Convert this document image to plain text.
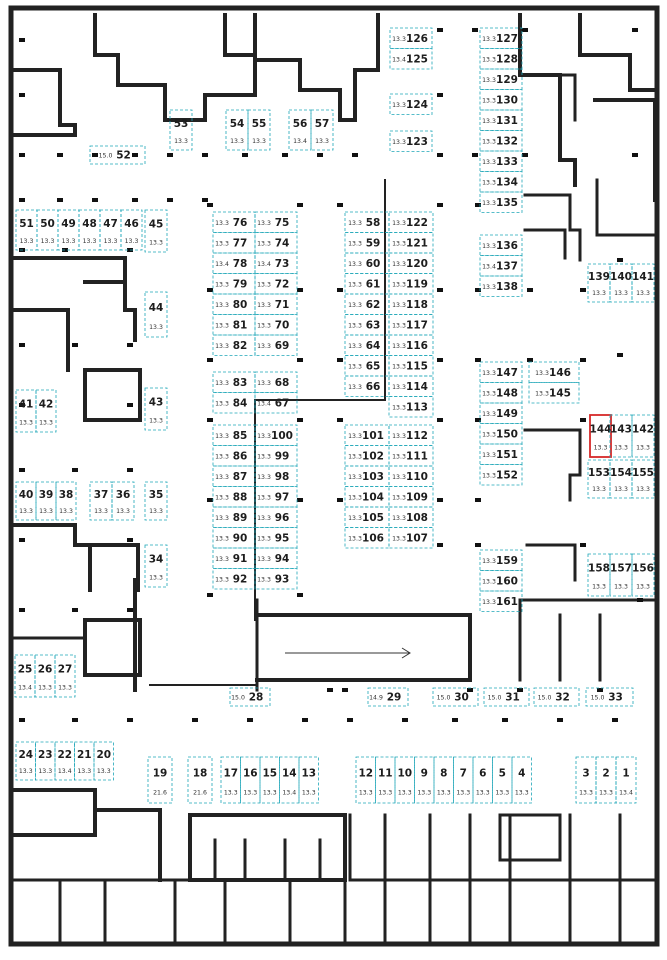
24
13.3
23
13.3
22
13.4
21
13.3
20
13.3	19
21.6
18
21.6
17
13.3
16
13.3
15
13.3
14
13.4
13
13.3
12
13.3
11
13.3
10
13.3
9
13.3
8
13.3
7
13.3
6
13.3
5
13.3
4
13.3
3
13.3
2
13.3
1
13.4
25
13.4
26
13.3
27
13.3
28
15.0	29
14.9	30
15.0	31
15.0	32
15.0	33
15.0
34
13.3
35
13.3
40
13.3
39
13.3
38
13.3
37
13.3
36
13.3
41
13.3
42
13.3
43
13.3
44
13.3
51
13.3
50
13.3
49
13.3
48
13.3
47
13.3
46
13.3
45
13.3
52
15.0
53
13.3
54
13.3
55
13.3
56
13.4
57
13.3
76
13.3
77
13.3
78
13.4
79
13.3
80
13.3
81
13.3
82
13.3
75
13.3
74
13.3
73
13.4
72
13.3
71
13.3
70
13.3
69
13.3
83
13.3
84
13.3
68
13.3
67
13.4
85
13.3
86
13.3
87
13.3
88
13.3
89
13.3
90
13.3
91
13.3
92
13.3
100
13.3
99
13.3
98
13.3
97
13.3
96
13.3
95
13.3
94
13.3
93
13.3
58
13.3
59
13.3
60
13.3
61
13.3
62
13.3
63
13.3
64
13.3
65
13.3
66
13.3
122
13.3
121
13.3
120
13.3
119
13.3
118
13.3
117
13.3
116
13.3
115
13.3
114
13.3
113
13.3
101
13.3
102
13.3
103
13.3
104
13.3
105
13.3
106
13.3
112
13.3
111
13.3
110
13.3
109
13.3
108
13.3
107
13.3
126
13.3
125
13.4
124
13.3
123
13.3
127
13.3
128
13.3
129
13.3
130
13.3
131
13.3
132
13.3
133
13.3
134
13.3
135
13.3
136
13.3
137
13.4
138
13.3
139
13.3
140
13.3
141
13.3
147
13.3
148
13.3
149
13.3
150
13.3
151
13.3
152
13.3
146
13.3
145
13.3
144
13.3
143
13.3
142
13.3
153
13.3
154
13.3
155
13.3
159
13.3
160
13.3
161
13.3
158
13.3
157
13.3
156
13.3
